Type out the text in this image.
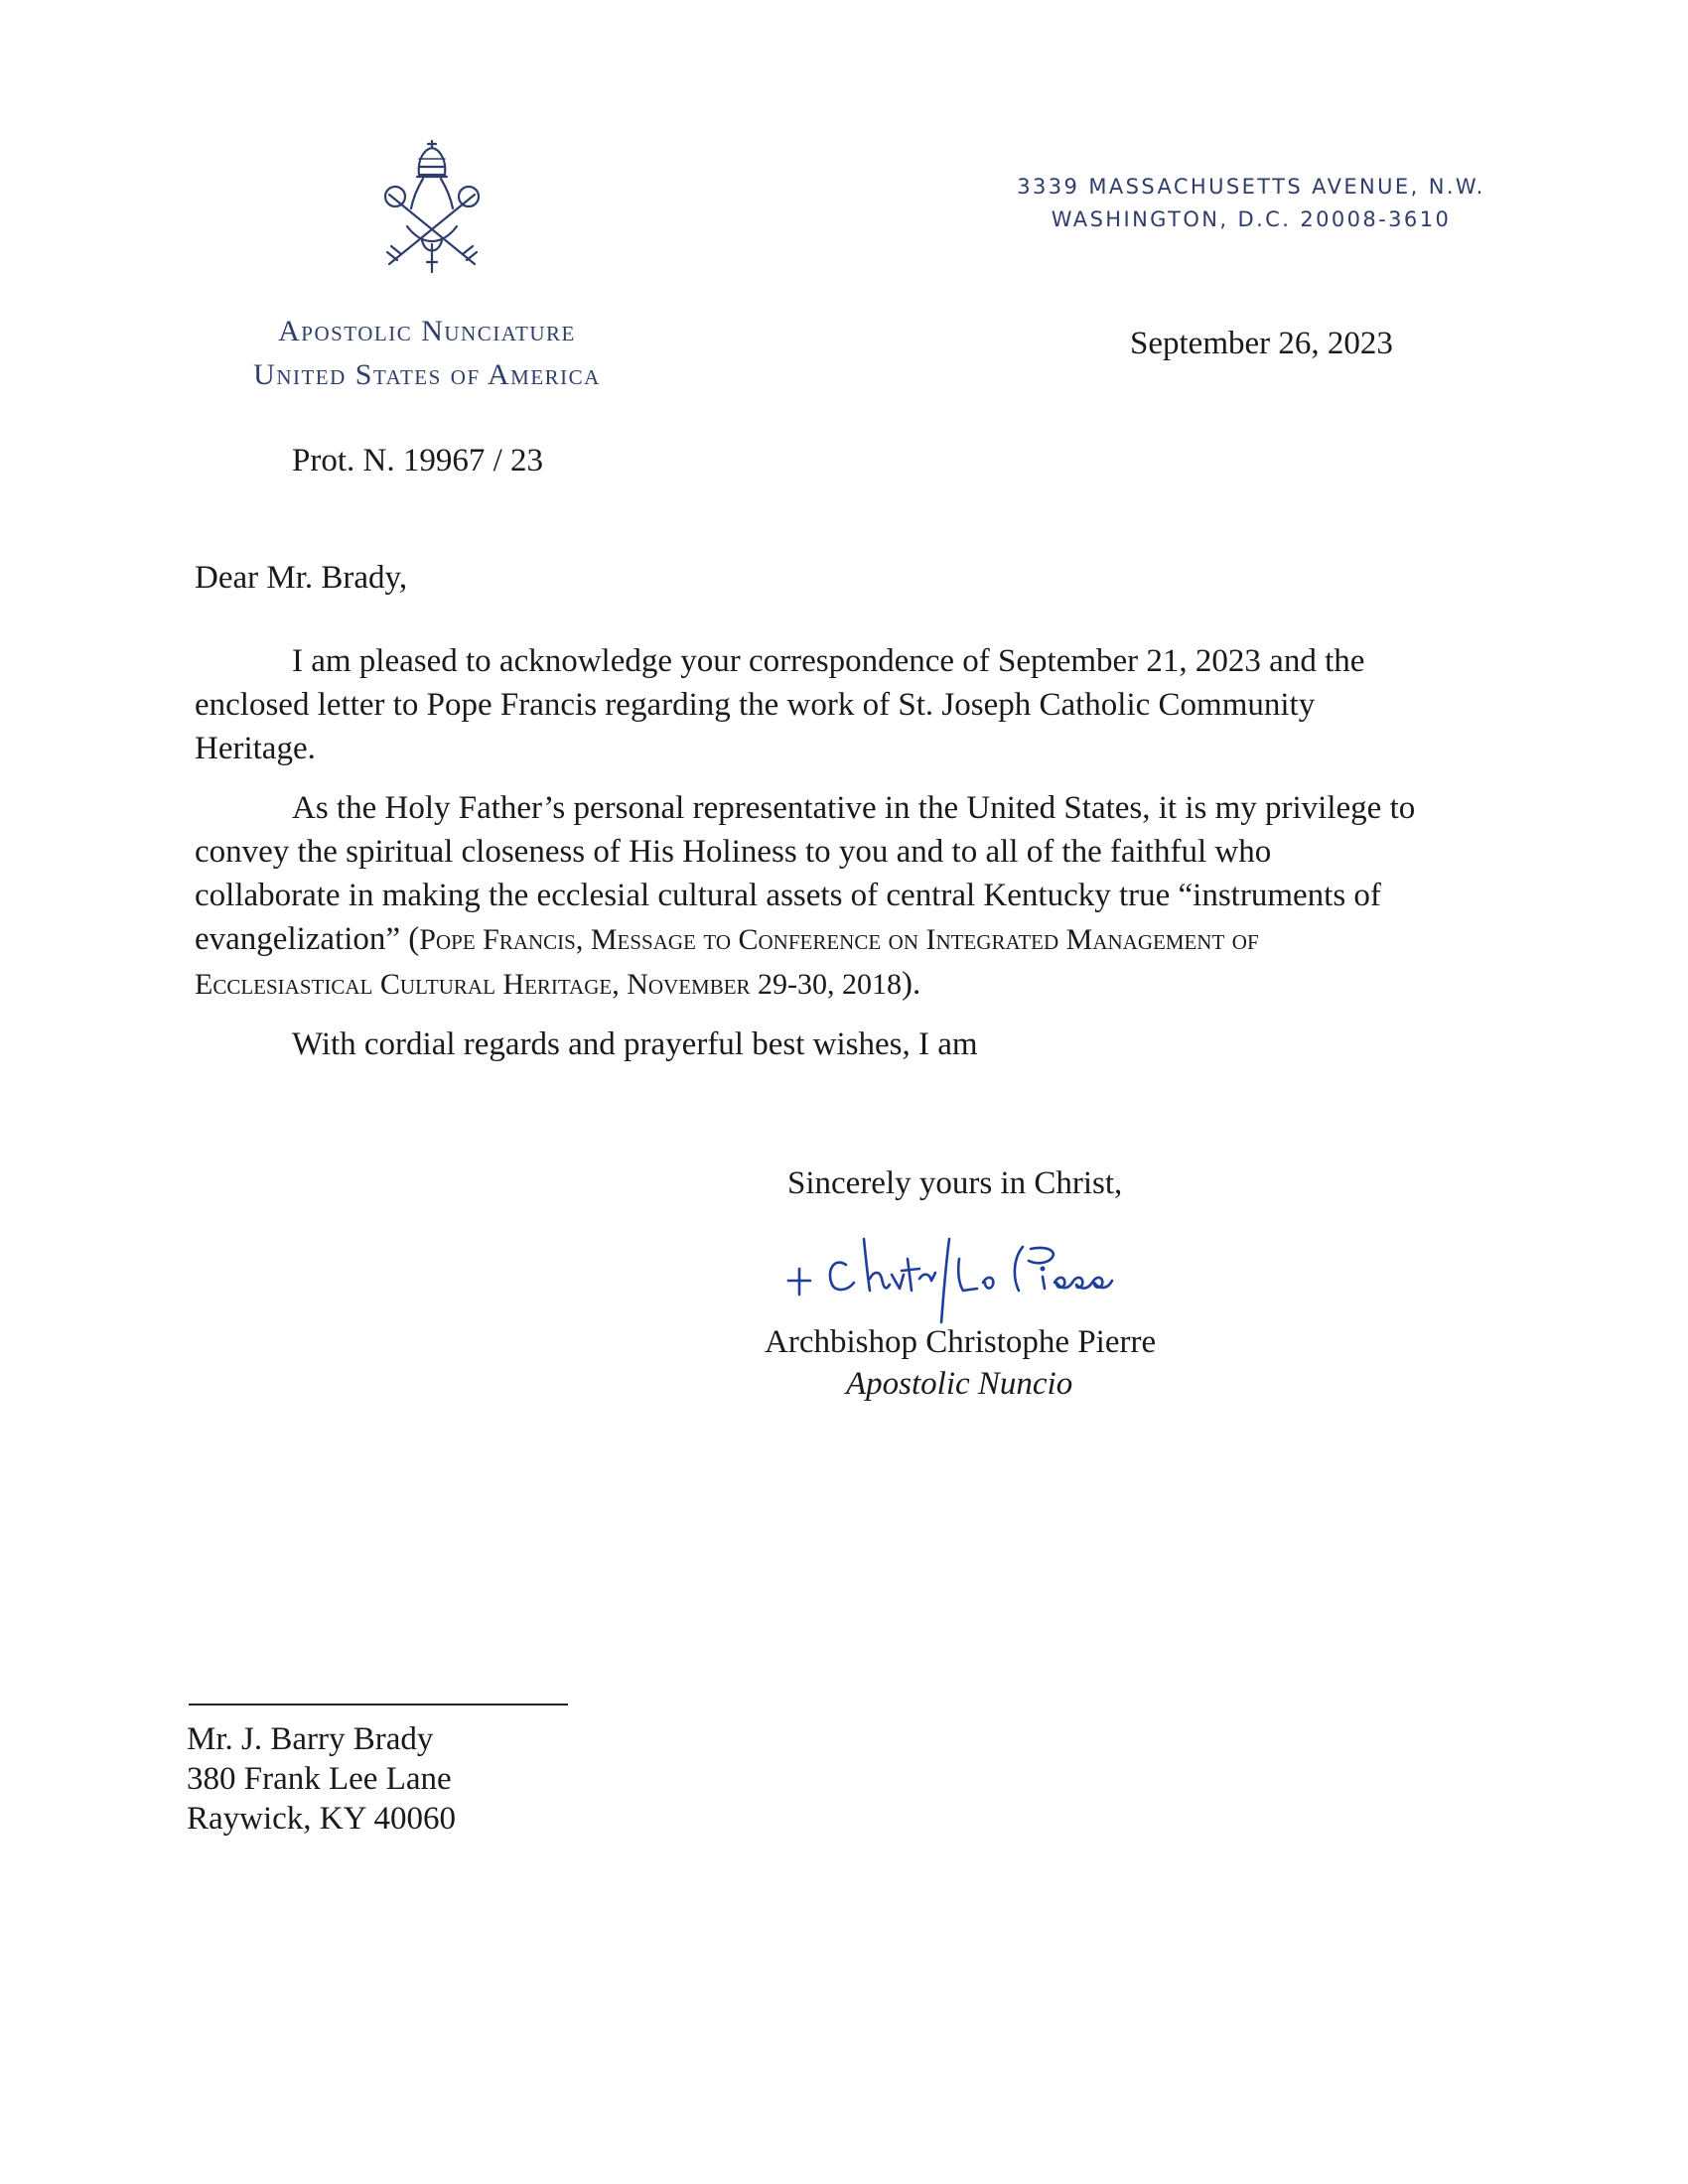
3339 MASSACHUSETTS AVENUE, N.W.
WASHINGTON, D.C. 20008-3610
Apostolic Nunciature
United States of America
September 26, 2023
Prot. N. 19967 / 23
Dear Mr. Brady,
I am pleased to acknowledge your correspondence of September 21, 2023 and the
enclosed letter to Pope Francis regarding the work of St. Joseph Catholic Community
Heritage.
As the Holy Father’s personal representative in the United States, it is my privilege to
convey the spiritual closeness of His Holiness to you and to all of the faithful who
collaborate in making the ecclesial cultural assets of central Kentucky true “instruments of
evangelization” (Pope Francis, Message to Conference on Integrated Management of
Ecclesiastical Cultural Heritage, November 29-30, 2018).
With cordial regards and prayerful best wishes, I am
Sincerely yours in Christ,
Archbishop Christophe Pierre
Apostolic Nuncio
Mr. J. Barry Brady
380 Frank Lee Lane
Raywick, KY 40060
